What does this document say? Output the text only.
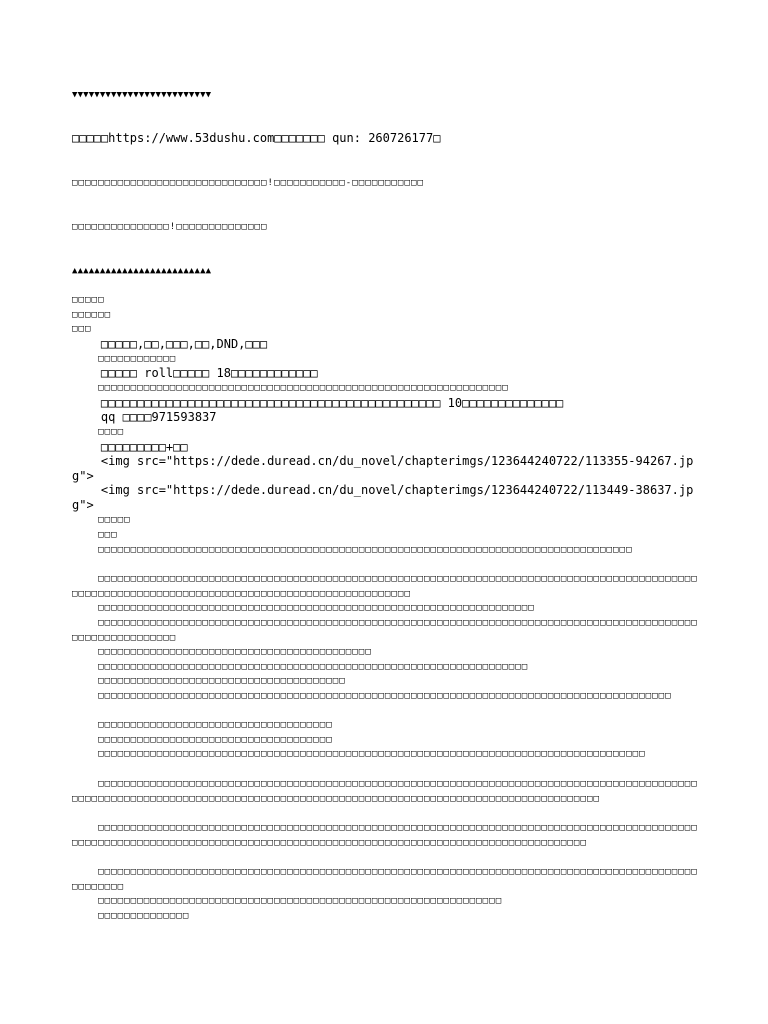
▼▼▼▼▼▼▼▼▼▼▼▼▼▼▼▼▼▼▼▼▼▼▼▼▼
□□□□□https://www.53dushu.com□□□□□□□ qun: 260726177□
□□□□□□□□□□□□□□□□□□□□□□□□□□□□□□!□□□□□□□□□□□-□□□□□□□□□□□
□□□□□□□□□□□□□□□!□□□□□□□□□□□□□□
▲▲▲▲▲▲▲▲▲▲▲▲▲▲▲▲▲▲▲▲▲▲▲▲▲
□□□□□
□□□□□□
□□□
□□□□□,□□,□□□,□□,DND,□□□
□□□□□□□□□□□□
□□□□□ roll□□□□□ 18□□□□□□□□□□□□
□□□□□□□□□□□□□□□□□□□□□□□□□□□□□□□□□□□□□□□□□□□□□□□□□□□□□□□□□□□□□□□
□□□□□□□□□□□□□□□□□□□□□□□□□□□□□□□□□□□□□□□□□□□□□□□ 10□□□□□□□□□□□□□□
qq □□□□971593837
□□□□
□□□□□□□□□+□□
<img src="https://dede.duread.cn/du_novel/chapterimgs/123644240722/113355-94267.jpg">
<img src="https://dede.duread.cn/du_novel/chapterimgs/123644240722/113449-38637.jpg">
□□□□□
□□□
□□□□□□□□□□□□□□□□□□□□□□□□□□□□□□□□□□□□□□□□□□□□□□□□□□□□□□□□□□□□□□□□□□□□□□□□□□□□□□□□□□
□□□□□□□□□□□□□□□□□□□□□□□□□□□□□□□□□□□□□□□□□□□□□□□□□□□□□□□□□□□□□□□□□□□□□□□□□□□□□□□□□□□□□□□□□□□□□□□□□□□□□□□□□□□□□□□□□□□□□□□□□□□□□□□□□□□□□□□□□□□□□□□□
□□□□□□□□□□□□□□□□□□□□□□□□□□□□□□□□□□□□□□□□□□□□□□□□□□□□□□□□□□□□□□□□□□□
□□□□□□□□□□□□□□□□□□□□□□□□□□□□□□□□□□□□□□□□□□□□□□□□□□□□□□□□□□□□□□□□□□□□□□□□□□□□□□□□□□□□□□□□□□□□□□□□□□□□□□□□□□□□
□□□□□□□□□□□□□□□□□□□□□□□□□□□□□□□□□□□□□□□□□□
□□□□□□□□□□□□□□□□□□□□□□□□□□□□□□□□□□□□□□□□□□□□□□□□□□□□□□□□□□□□□□□□□□
□□□□□□□□□□□□□□□□□□□□□□□□□□□□□□□□□□□□□□
□□□□□□□□□□□□□□□□□□□□□□□□□□□□□□□□□□□□□□□□□□□□□□□□□□□□□□□□□□□□□□□□□□□□□□□□□□□□□□□□□□□□□□□□
□□□□□□□□□□□□□□□□□□□□□□□□□□□□□□□□□□□□
□□□□□□□□□□□□□□□□□□□□□□□□□□□□□□□□□□□□
□□□□□□□□□□□□□□□□□□□□□□□□□□□□□□□□□□□□□□□□□□□□□□□□□□□□□□□□□□□□□□□□□□□□□□□□□□□□□□□□□□□□
□□□□□□□□□□□□□□□□□□□□□□□□□□□□□□□□□□□□□□□□□□□□□□□□□□□□□□□□□□□□□□□□□□□□□□□□□□□□□□□□□□□□□□□□□□□□□□□□□□□□□□□□□□□□□□□□□□□□□□□□□□□□□□□□□□□□□□□□□□□□□□□□□□□□□□□□□□□□□□□□□□□□□□□□□□□□□
□□□□□□□□□□□□□□□□□□□□□□□□□□□□□□□□□□□□□□□□□□□□□□□□□□□□□□□□□□□□□□□□□□□□□□□□□□□□□□□□□□□□□□□□□□□□□□□□□□□□□□□□□□□□□□□□□□□□□□□□□□□□□□□□□□□□□□□□□□□□□□□□□□□□□□□□□□□□□□□□□□□□□□□□□□□
□□□□□□□□□□□□□□□□□□□□□□□□□□□□□□□□□□□□□□□□□□□□□□□□□□□□□□□□□□□□□□□□□□□□□□□□□□□□□□□□□□□□□□□□□□□□□□□□□□□□
□□□□□□□□□□□□□□□□□□□□□□□□□□□□□□□□□□□□□□□□□□□□□□□□□□□□□□□□□□□□□□
□□□□□□□□□□□□□□
